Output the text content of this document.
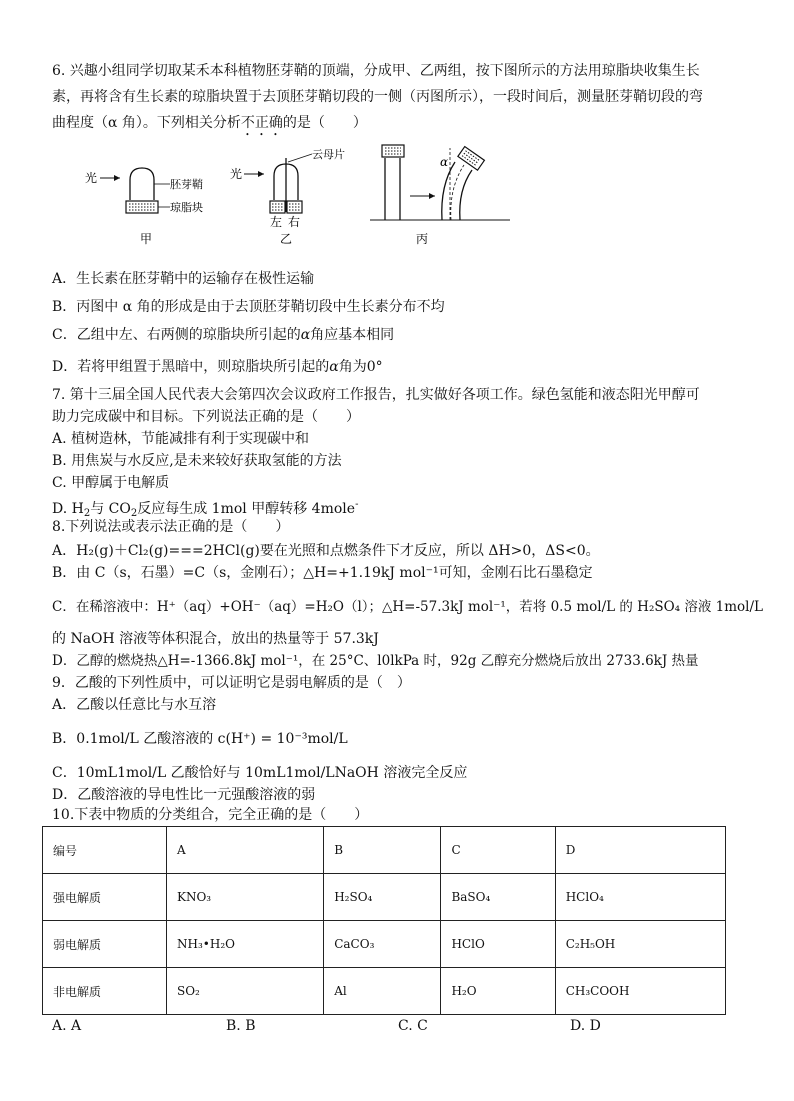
6. 兴趣小组同学切取某禾本科植物胚芽鞘的顶端，分成甲、乙两组，按下图所示的方法用琼脂块收集生长
素，再将含有生长素的琼脂块置于去顶胚芽鞘切段的一侧（丙图所示），一段时间后，测量胚芽鞘切段的弯
曲程度（α 角）。下列相关分析不正确的是（　　）
光	胚芽鞘
琼脂块
甲
光
云母片
左 右
乙
α
丙
A．生长素在胚芽鞘中的运输存在极性运输
B．丙图中 α 角的形成是由于去顶胚芽鞘切段中生长素分布不均
C．乙组中左、右两侧的琼脂块所引起的α角应基本相同
D．若将甲组置于黑暗中，则琼脂块所引起的α角为0°
7. 第十三届全国人民代表大会第四次会议政府工作报告，扎实做好各项工作。绿色氢能和液态阳光甲醇可
助力完成碳中和目标。下列说法正确的是（　　）
A. 植树造林，节能减排有利于实现碳中和
B. 用焦炭与水反应,是未来较好获取氢能的方法
C. 甲醇属于电解质
D. $H_2$与 $CO_2$反应每生成 1mol 甲醇转移 4mole-
8.下列说法或表示法正确的是（　　）
A．H₂(g)＋Cl₂(g)===2HCl(g)要在光照和点燃条件下才反应，所以 ΔH>0，ΔS<0。
B．由 C（s，石墨）=C（s，金刚石）；△H=+1.19kJ mol⁻¹可知，金刚石比石墨稳定
C．在稀溶液中：H⁺（aq）+OH⁻（aq）=H₂O（l）；△H=-57.3kJ mol⁻¹，若将 0.5 mol/L 的 H₂SO₄ 溶液 1mol/L
的 NaOH 溶液等体积混合，放出的热量等于 57.3kJ
D．乙醇的燃烧热△H=-1366.8kJ mol⁻¹，在 25°C、l0lkPa 时，92g 乙醇充分燃烧后放出 2733.6kJ 热量
9．乙酸的下列性质中，可以证明它是弱电解质的是（　）
A．乙酸以任意比与水互溶
B．0.1mol/L 乙酸溶液的 c(H⁺) = 10⁻³mol/L
C．10mL1mol/L 乙酸恰好与 10mL1mol/LNaOH 溶液完全反应
D．乙酸溶液的导电性比一元强酸溶液的弱
10.下表中物质的分类组合，完全正确的是（　　）
编号	A	B	C	D
强电解质	KNO₃	H₂SO₄	BaSO₄	HClO₄
弱电解质	NH₃•H₂O	CaCO₃	HClO	C₂H₅OH
非电解质	SO₂	Al	H₂O	CH₃COOH
A. A	B. B	C. C	D. D
